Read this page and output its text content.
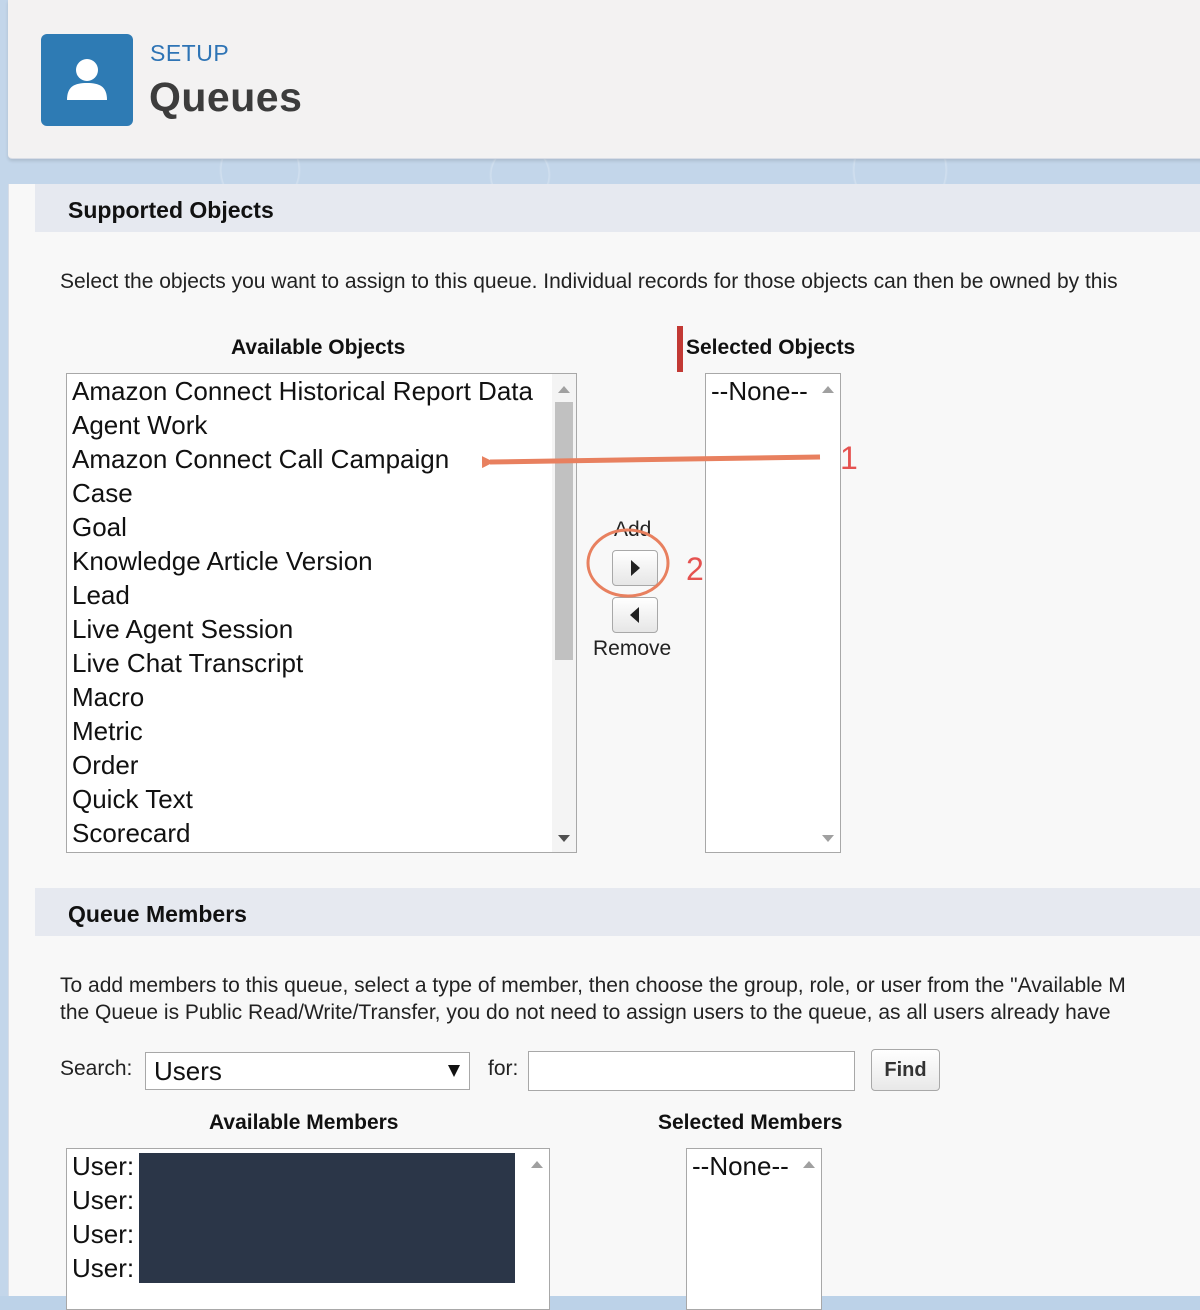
SETUP
Queues
Supported Objects
Select the objects you want to assign to this queue. Individual records for those objects can then be owned by this
Available Objects	Selected Objects
Amazon Connect Historical Report Data
Agent Work
Amazon Connect Call Campaign
Case
Goal
Knowledge Article Version
Lead
Live Agent Session
Live Chat Transcript
Macro
Metric
Order
Quick Text
Scorecard
Add
Remove
--None--
Queue Members
To add members to this queue, select a type of member, then choose the group, role, or user from the "Available M
the Queue is Public Read/Write/Transfer, you do not need to assign users to the queue, as all users already have
Search: Users	for:	Find
Available Members	Selected Members
User:
User:
User:
User:
--None--
1
2
